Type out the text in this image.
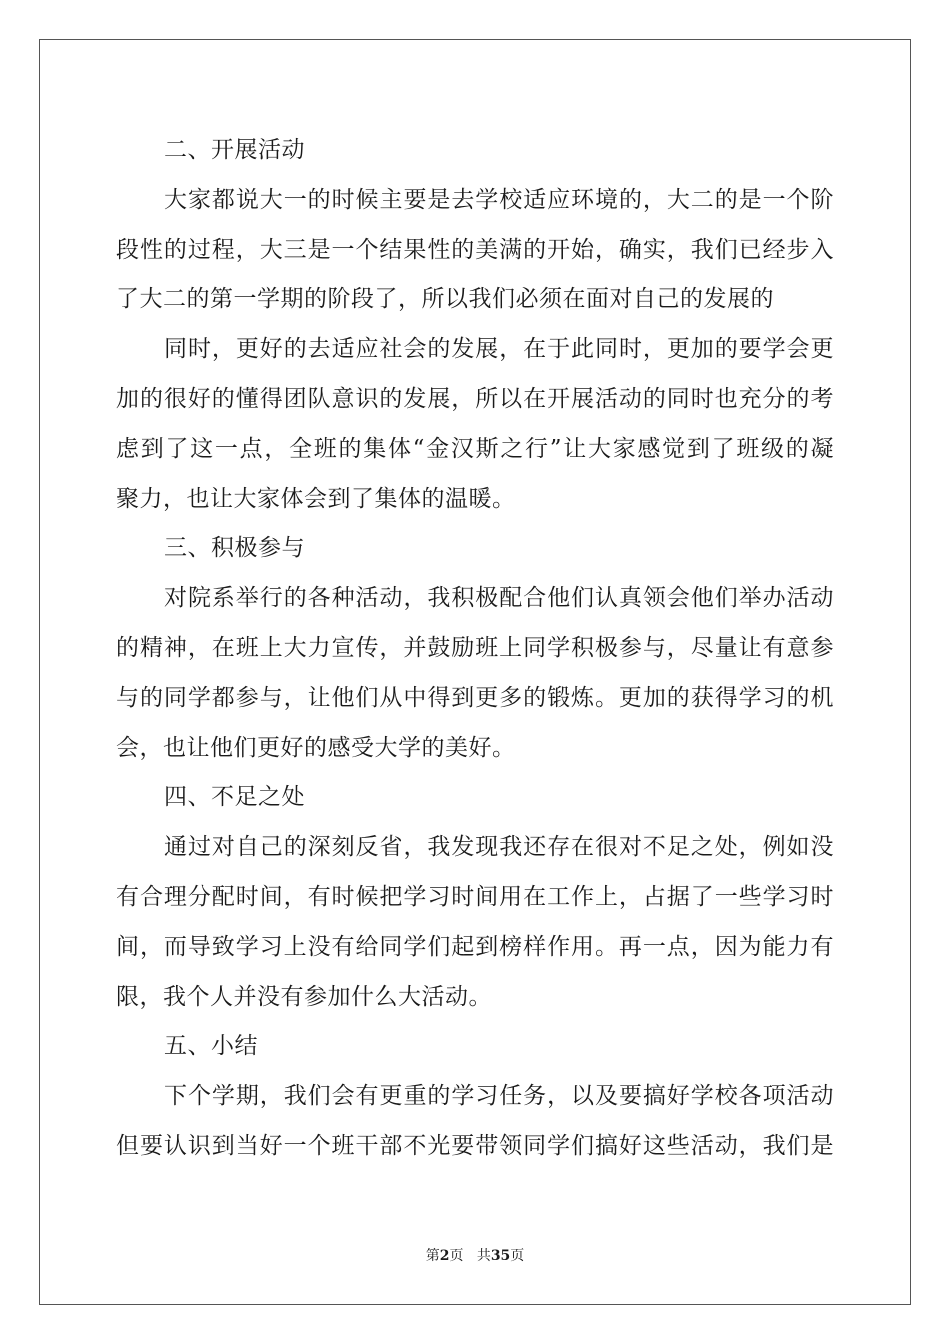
二、开展活动
大家都说大一的时候主要是去学校适应环境的，大二的是一个阶
段性的过程，大三是一个结果性的美满的开始，确实，我们已经步入
了大二的第一学期的阶段了，所以我们必须在面对自己的发展的
同时，更好的去适应社会的发展，在于此同时，更加的要学会更
加的很好的懂得团队意识的发展，所以在开展活动的同时也充分的考
虑到了这一点，全班的集体“金汉斯之行”让大家感觉到了班级的凝
聚力，也让大家体会到了集体的温暖。
三、积极参与
对院系举行的各种活动，我积极配合他们认真领会他们举办活动
的精神，在班上大力宣传，并鼓励班上同学积极参与，尽量让有意参
与的同学都参与，让他们从中得到更多的锻炼。更加的获得学习的机
会，也让他们更好的感受大学的美好。
四、不足之处
通过对自己的深刻反省，我发现我还存在很对不足之处，例如没
有合理分配时间，有时候把学习时间用在工作上，占据了一些学习时
间，而导致学习上没有给同学们起到榜样作用。再一点，因为能力有
限，我个人并没有参加什么大活动。
五、小结
下个学期，我们会有更重的学习任务，以及要搞好学校各项活动
但要认识到当好一个班干部不光要带领同学们搞好这些活动，我们是
第2页 共35页
